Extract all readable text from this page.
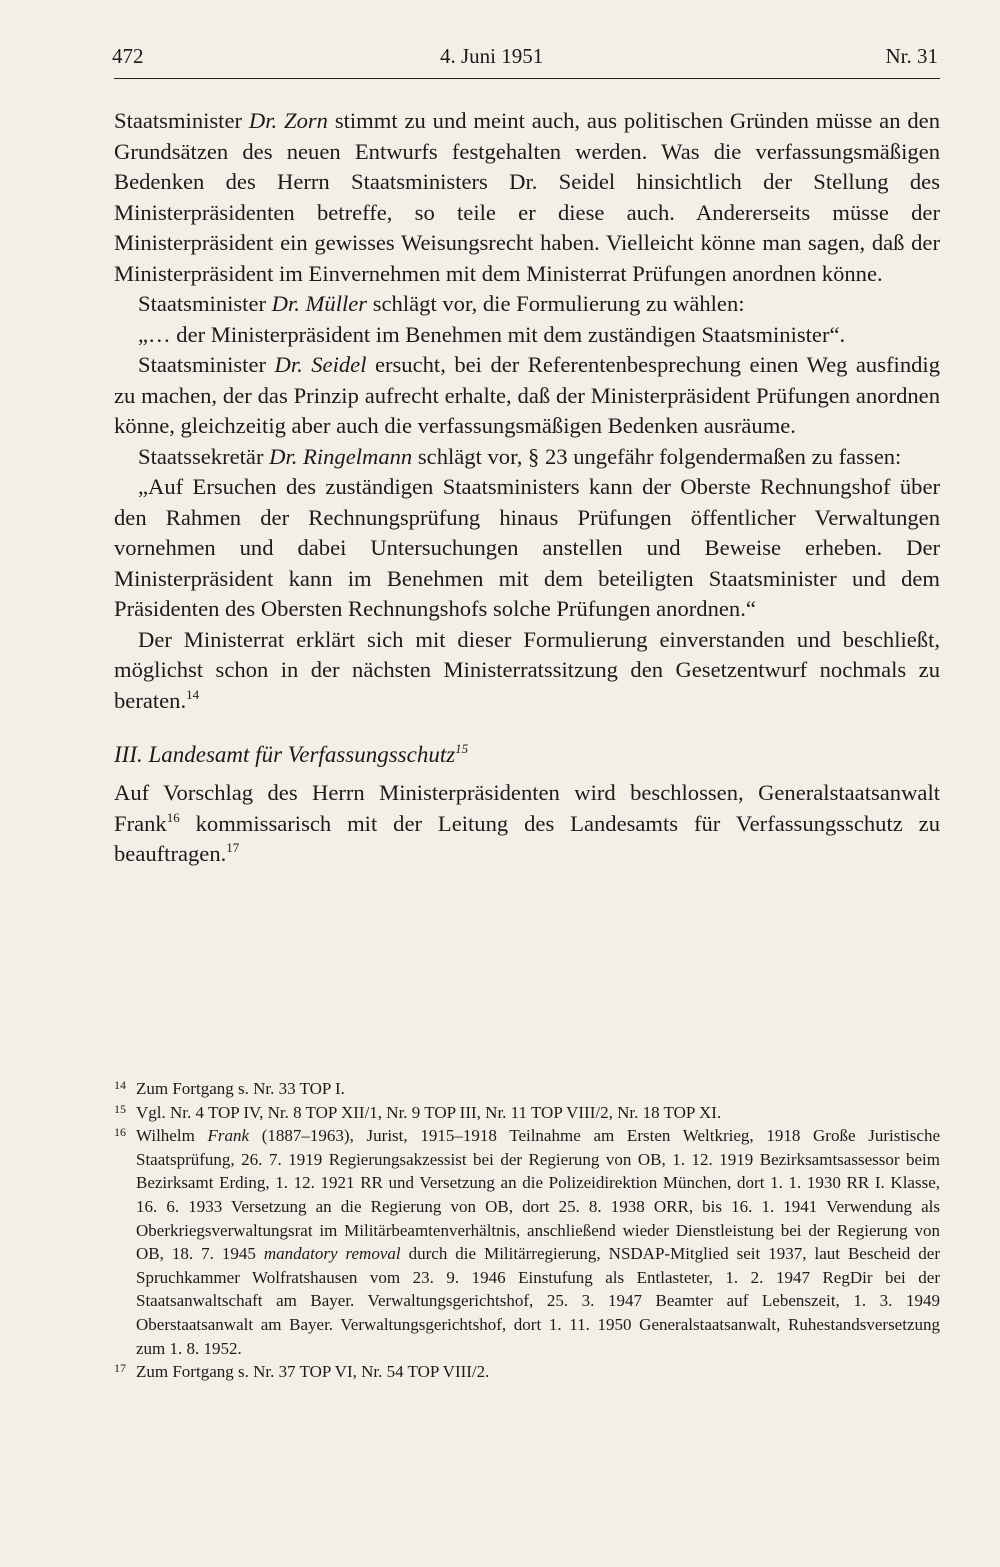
472	4. Juni 1951	Nr. 31

Staatsminister Dr. Zorn stimmt zu und meint auch, aus politischen Gründen müsse an den Grundsätzen des neuen Entwurfs festgehalten werden. Was die verfassungsmäßigen Bedenken des Herrn Staatsministers Dr. Seidel hinsichtlich der Stellung des Ministerpräsidenten betreffe, so teile er diese auch. Andererseits müsse der Ministerpräsident ein gewisses Weisungsrecht haben. Vielleicht könne man sagen, daß der Ministerpräsident im Einvernehmen mit dem Ministerrat Prüfungen anordnen könne.

Staatsminister Dr. Müller schlägt vor, die Formulierung zu wählen:

„… der Ministerpräsident im Benehmen mit dem zuständigen Staatsminister“.

Staatsminister Dr. Seidel ersucht, bei der Referentenbesprechung einen Weg ausfindig zu machen, der das Prinzip aufrecht erhalte, daß der Ministerpräsident Prüfungen anordnen könne, gleichzeitig aber auch die verfassungsmäßigen Bedenken ausräume.

Staatssekretär Dr. Ringelmann schlägt vor, § 23 ungefähr folgendermaßen zu fassen:

„Auf Ersuchen des zuständigen Staatsministers kann der Oberste Rechnungshof über den Rahmen der Rechnungsprüfung hinaus Prüfungen öffentlicher Verwaltungen vornehmen und dabei Untersuchungen anstellen und Beweise erheben. Der Ministerpräsident kann im Benehmen mit dem beteiligten Staatsminister und dem Präsidenten des Obersten Rechnungshofs solche Prüfungen anordnen.“

Der Ministerrat erklärt sich mit dieser Formulierung einverstanden und beschließt, möglichst schon in der nächsten Ministerratssitzung den Gesetzentwurf nochmals zu beraten.$^{14}$

III. Landesamt für Verfassungsschutz$^{15}$

Auf Vorschlag des Herrn Ministerpräsidenten wird beschlossen, Generalstaatsanwalt Frank$^{16}$ kommissarisch mit der Leitung des Landesamts für Verfassungsschutz zu beauftragen.$^{17}$

14 Zum Fortgang s. Nr. 33 TOP I.

15 Vgl. Nr. 4 TOP IV, Nr. 8 TOP XII/1, Nr. 9 TOP III, Nr. 11 TOP VIII/2, Nr. 18 TOP XI.

16 Wilhelm Frank (1887–1963), Jurist, 1915–1918 Teilnahme am Ersten Weltkrieg, 1918 Große Juristische Staatsprüfung, 26. 7. 1919 Regierungsakzessist bei der Regierung von OB, 1. 12. 1919 Bezirksamtsassessor beim Bezirksamt Erding, 1. 12. 1921 RR und Versetzung an die Polizeidirektion München, dort 1. 1. 1930 RR I. Klasse, 16. 6. 1933 Versetzung an die Regierung von OB, dort 25. 8. 1938 ORR, bis 16. 1. 1941 Verwendung als Oberkriegsverwaltungsrat im Militärbeamtenverhältnis, anschließend wieder Dienstleistung bei der Regierung von OB, 18. 7. 1945 mandatory removal durch die Militärregierung, NSDAP-Mitglied seit 1937, laut Bescheid der Spruchkammer Wolfratshausen vom 23. 9. 1946 Einstufung als Entlasteter, 1. 2. 1947 RegDir bei der Staatsanwaltschaft am Bayer. Verwaltungsgerichtshof, 25. 3. 1947 Beamter auf Lebenszeit, 1. 3. 1949 Oberstaatsanwalt am Bayer. Verwaltungsgerichtshof, dort 1. 11. 1950 Generalstaatsanwalt, Ruhestandsversetzung zum 1. 8. 1952.

17 Zum Fortgang s. Nr. 37 TOP VI, Nr. 54 TOP VIII/2.
